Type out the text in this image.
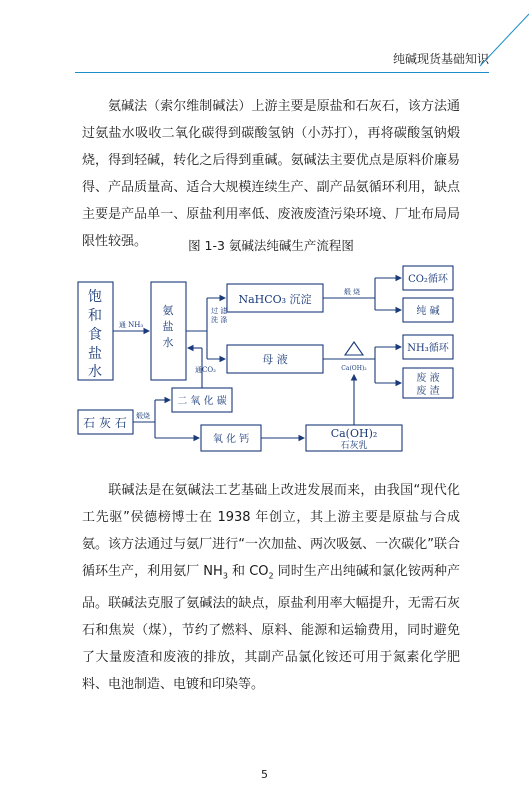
纯碱现货基础知识

氨碱法（索尔维制碱法）上游主要是原盐和石灰石，该方法通过氨盐水吸收二氧化碳得到碳酸氢钠（小苏打），再将碳酸氢钠煅烧，得到轻碱，转化之后得到重碱。氨碱法主要优点是原料价廉易得、产品质量高、适合大规模连续生产、副产品氨循环利用，缺点主要是产品单一、原盐利用率低、废液废渣污染环境、厂址布局局限性较强。	图 1-3 氨碱法纯碱生产流程图
饱
和
食
盐
水
氨
盐
水
NaHCO₃ 沉淀
CO₂循环
纯 碱
母 液
NH₃循环
废 液
废 渣
二 氧 化 碳
石 灰 石
氧 化 钙	Ca(OH)₂
石灰乳
通 NH₃
过 滤
洗 涤
通CO₂
煅 烧
煅烧
Ca(OH)₂

联碱法是在氨碱法工艺基础上改进发展而来，由我国“现代化工先驱”侯德榜博士在 1938 年创立，其上游主要是原盐与合成氨。该方法通过与氨厂进行“一次加盐、两次吸氨、一次碳化”联合循环生产，利用氨厂 $NH_3$ 和 $CO_2$ 同时生产出纯碱和氯化铵两种产品。联碱法克服了氨碱法的缺点，原盐利用率大幅提升，无需石灰石和焦炭（煤），节约了燃料、原料、能源和运输费用，同时避免了大量废渣和废液的排放，其副产品氯化铵还可用于氮素化学肥料、电池制造、电镀和印染等。

5
